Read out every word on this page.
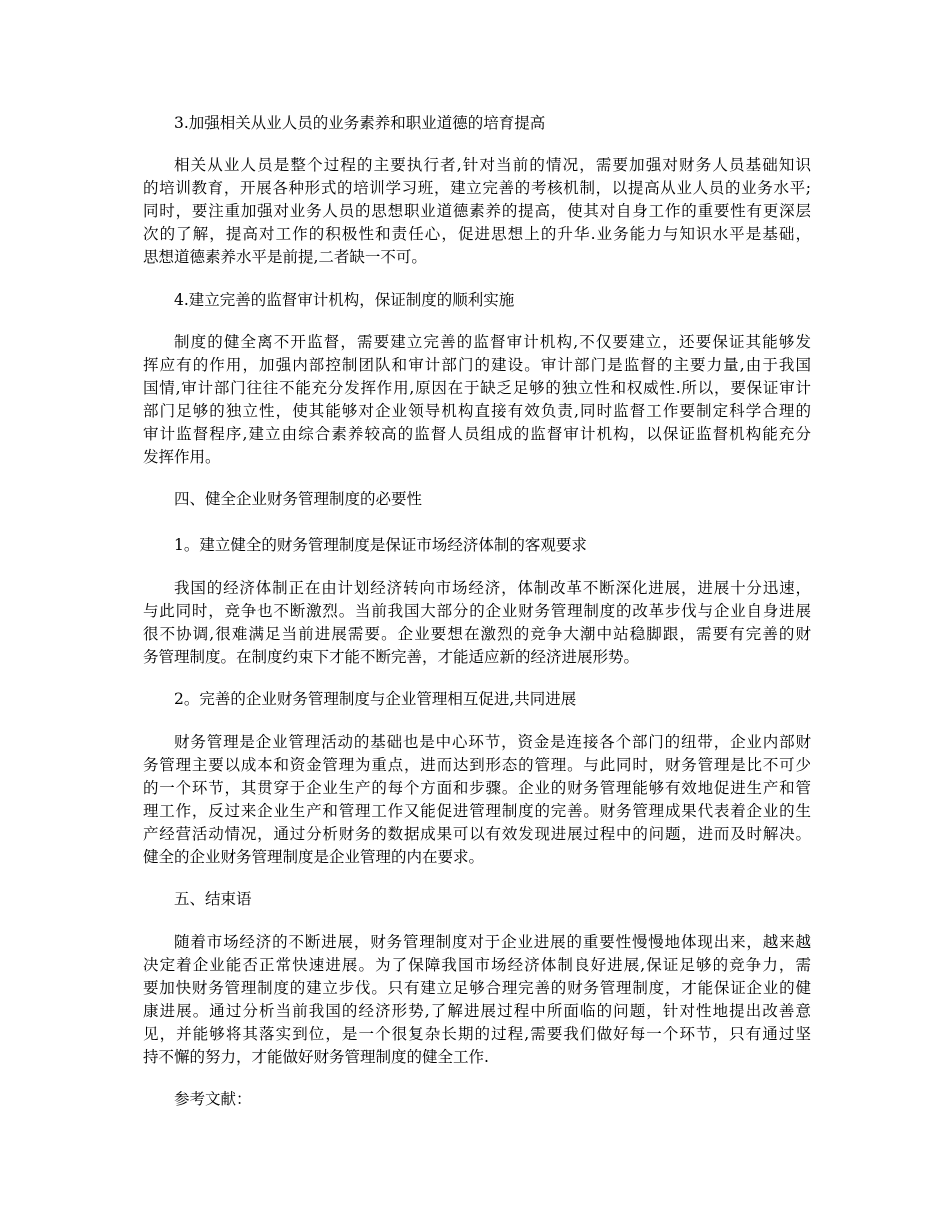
3.加强相关从业人员的业务素养和职业道德的培育提高
相关从业人员是整个过程的主要执行者,针对当前的情况，需要加强对财务人员基础知识
的培训教育，开展各种形式的培训学习班，建立完善的考核机制，以提高从业人员的业务水平;
同时，要注重加强对业务人员的思想职业道德素养的提高，使其对自身工作的重要性有更深层
次的了解，提高对工作的积极性和责任心，促进思想上的升华.业务能力与知识水平是基础，
思想道德素养水平是前提,二者缺一不可。
4.建立完善的监督审计机构，保证制度的顺利实施
制度的健全离不开监督，需要建立完善的监督审计机构,不仅要建立，还要保证其能够发
挥应有的作用，加强内部控制团队和审计部门的建设。审计部门是监督的主要力量,由于我国
国情,审计部门往往不能充分发挥作用,原因在于缺乏足够的独立性和权威性.所以，要保证审计
部门足够的独立性，使其能够对企业领导机构直接有效负责,同时监督工作要制定科学合理的
审计监督程序,建立由综合素养较高的监督人员组成的监督审计机构，以保证监督机构能充分
发挥作用。
四、健全企业财务管理制度的必要性
1。建立健全的财务管理制度是保证市场经济体制的客观要求
我国的经济体制正在由计划经济转向市场经济，体制改革不断深化进展，进展十分迅速，
与此同时，竞争也不断激烈。当前我国大部分的企业财务管理制度的改革步伐与企业自身进展
很不协调,很难满足当前进展需要。企业要想在激烈的竞争大潮中站稳脚跟，需要有完善的财
务管理制度。在制度约束下才能不断完善，才能适应新的经济进展形势。
2。完善的企业财务管理制度与企业管理相互促进,共同进展
财务管理是企业管理活动的基础也是中心环节，资金是连接各个部门的纽带，企业内部财
务管理主要以成本和资金管理为重点，进而达到形态的管理。与此同时，财务管理是比不可少
的一个环节，其贯穿于企业生产的每个方面和步骤。企业的财务管理能够有效地促进生产和管
理工作，反过来企业生产和管理工作又能促进管理制度的完善。财务管理成果代表着企业的生
产经营活动情况，通过分析财务的数据成果可以有效发现进展过程中的问题，进而及时解决。
健全的企业财务管理制度是企业管理的内在要求。
五、结束语
随着市场经济的不断进展，财务管理制度对于企业进展的重要性慢慢地体现出来，越来越
决定着企业能否正常快速进展。为了保障我国市场经济体制良好进展,保证足够的竞争力，需
要加快财务管理制度的建立步伐。只有建立足够合理完善的财务管理制度，才能保证企业的健
康进展。通过分析当前我国的经济形势,了解进展过程中所面临的问题，针对性地提出改善意
见，并能够将其落实到位，是一个很复杂长期的过程,需要我们做好每一个环节，只有通过坚
持不懈的努力，才能做好财务管理制度的健全工作.
参考文献：
